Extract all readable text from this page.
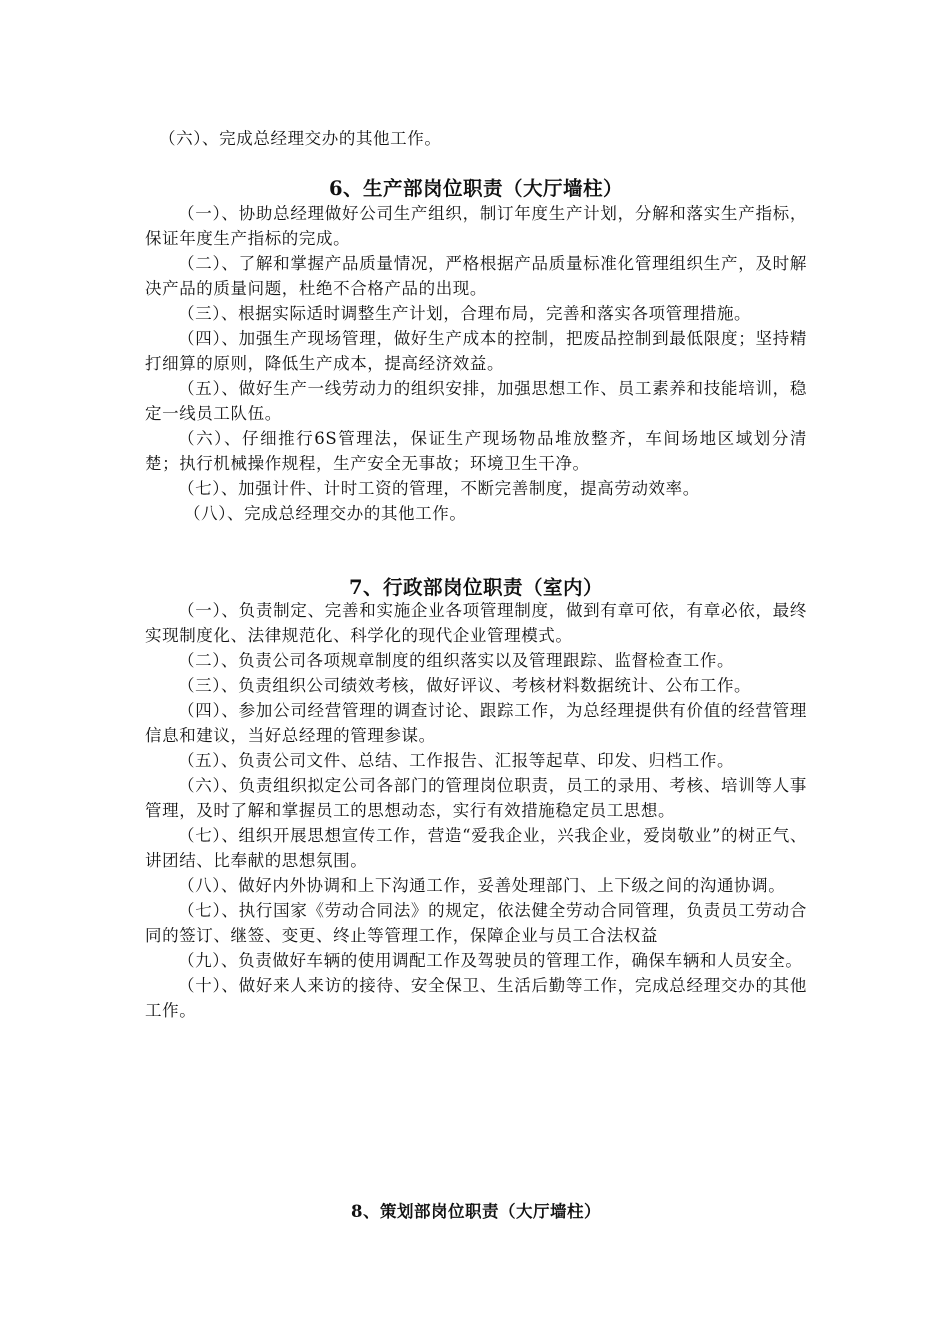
（六）、完成总经理交办的其他工作。

6、生产部岗位职责（大厅墙柱）

（一）、协助总经理做好公司生产组织，制订年度生产计划，分解和落实生产指标，保证年度生产指标的完成。

（二）、了解和掌握产品质量情况，严格根据产品质量标准化管理组织生产，及时解决产品的质量问题，杜绝不合格产品的出现。

（三）、根据实际适时调整生产计划，合理布局，完善和落实各项管理措施。

（四）、加强生产现场管理，做好生产成本的控制，把废品控制到最低限度；坚持精打细算的原则，降低生产成本，提高经济效益。

（五）、做好生产一线劳动力的组织安排，加强思想工作、员工素养和技能培训，稳定一线员工队伍。

（六）、仔细推行6S管理法，保证生产现场物品堆放整齐，车间场地区域划分清楚；执行机械操作规程，生产安全无事故；环境卫生干净。

（七）、加强计件、计时工资的管理，不断完善制度，提高劳动效率。

（八）、完成总经理交办的其他工作。

7、行政部岗位职责（室内）

（一）、负责制定、完善和实施企业各项管理制度，做到有章可依，有章必依，最终实现制度化、法律规范化、科学化的现代企业管理模式。

（二）、负责公司各项规章制度的组织落实以及管理跟踪、监督检查工作。

（三）、负责组织公司绩效考核，做好评议、考核材料数据统计、公布工作。

（四）、参加公司经营管理的调查讨论、跟踪工作，为总经理提供有价值的经营管理信息和建议，当好总经理的管理参谋。

（五）、负责公司文件、总结、工作报告、汇报等起草、印发、归档工作。

（六）、负责组织拟定公司各部门的管理岗位职责，员工的录用、考核、培训等人事管理，及时了解和掌握员工的思想动态，实行有效措施稳定员工思想。

（七）、组织开展思想宣传工作，营造“爱我企业，兴我企业，爱岗敬业”的树正气、讲团结、比奉献的思想氛围。

（八）、做好内外协调和上下沟通工作，妥善处理部门、上下级之间的沟通协调。

（七）、执行国家《劳动合同法》的规定，依法健全劳动合同管理，负责员工劳动合同的签订、继签、变更、终止等管理工作，保障企业与员工合法权益

（九）、负责做好车辆的使用调配工作及驾驶员的管理工作，确保车辆和人员安全。

（十）、做好来人来访的接待、安全保卫、生活后勤等工作，完成总经理交办的其他工作。

8、策划部岗位职责（大厅墙柱）
